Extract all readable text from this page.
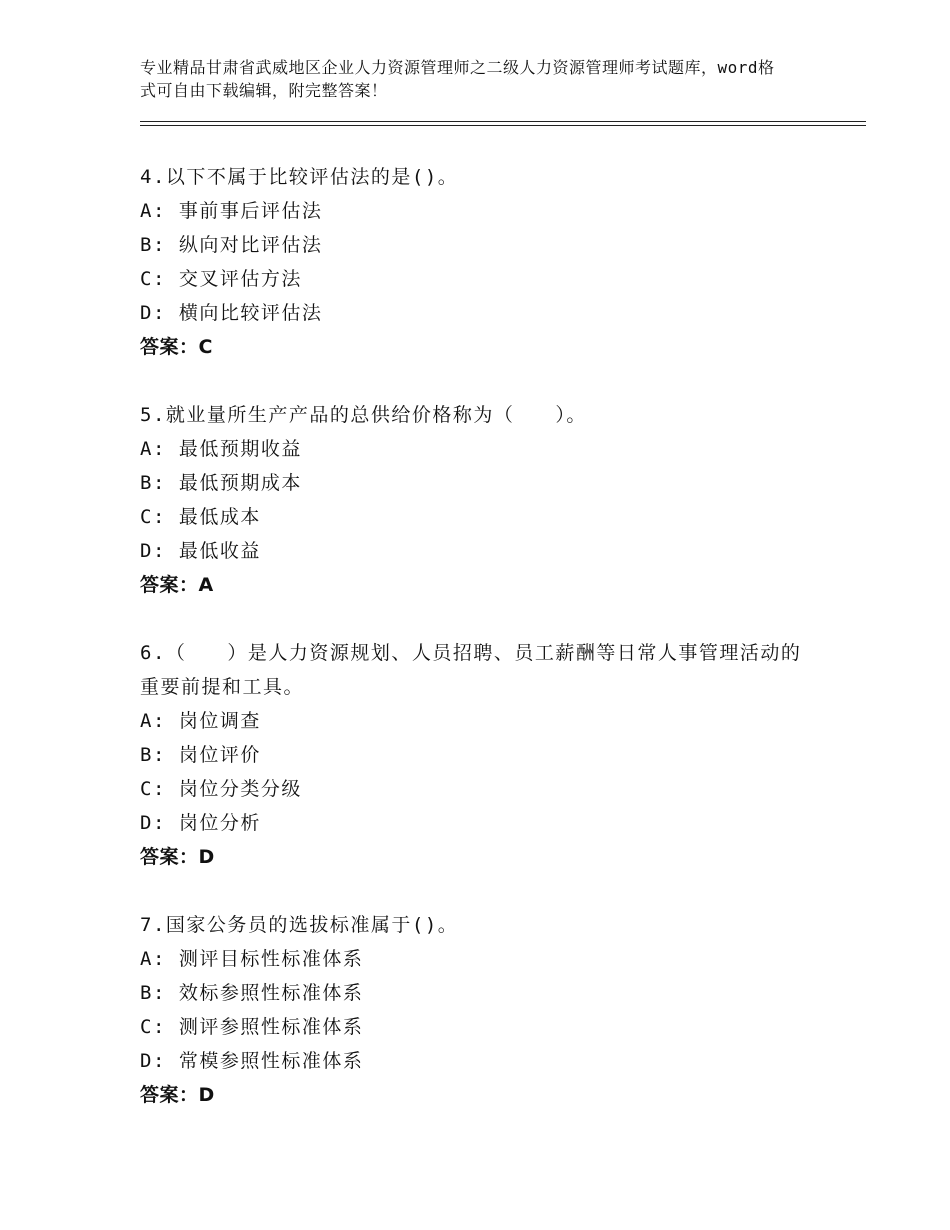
专业精品甘肃省武威地区企业人力资源管理师之二级人力资源管理师考试题库，word格式可自由下载编辑，附完整答案！
4.以下不属于比较评估法的是()。
A: 事前事后评估法
B: 纵向对比评估法
C: 交叉评估方法
D: 横向比较评估法
答案：C
5.就业量所生产产品的总供给价格称为（　　）。
A: 最低预期收益
B: 最低预期成本
C: 最低成本
D: 最低收益
答案：A
6.（　　）是人力资源规划、人员招聘、员工薪酬等日常人事管理活动的重要前提和工具。
A: 岗位调查
B: 岗位评价
C: 岗位分类分级
D: 岗位分析
答案：D
7.国家公务员的选拔标准属于()。
A: 测评目标性标准体系
B: 效标参照性标准体系
C: 测评参照性标准体系
D: 常模参照性标准体系
答案：D
